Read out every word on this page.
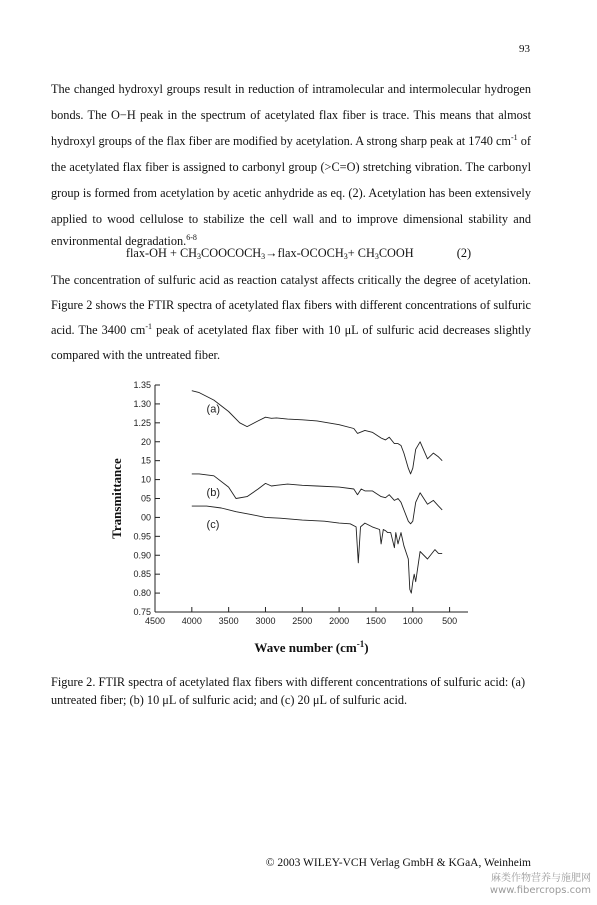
93
The changed hydroxyl groups result in reduction of intramolecular and intermolecular hydrogen
bonds. The O−H peak in the spectrum of acetylated flax fiber is trace. This means that almost
hydroxyl groups of the flax fiber are modified by acetylation. A strong sharp peak at 1740 $cm^{-1}$ of
the acetylated flax fiber is assigned to carbonyl group (>C=O) stretching vibration. The carbonyl
group is formed from acetylation by acetic anhydride as eq. (2). Acetylation has been extensively
applied to wood cellulose to stabilize the cell wall and to improve dimensional stability and
environmental degradation.$^{6-8}$
flax-OH + $CH_3COOCOCH_3\to flax-OCOCH_3+$ $CH_3COOH$	(2)
The concentration of sulfuric acid as reaction catalyst affects critically the degree of acetylation.
Figure 2 shows the FTIR spectra of acetylated flax fibers with different concentrations of sulfuric
acid. The 3400 $cm^{-1}$ peak of acetylated flax fiber with 10 μL of sulfuric acid decreases slightly
compared with the untreated fiber.
1.35
1.30
1.25
20
15
10
05
00
0.95
0.90
0.85
0.80
0.75
4500 4000 3500 3000 2500 2000 1500 1000 500
Transmittance
Wave number $(cm^{-1})$
(a)
(b)
(c)
Figure 2. FTIR spectra of acetylated flax fibers with different concentrations of sulfuric acid: (a)
untreated fiber; (b) 10 μL of sulfuric acid; and (c) 20 μL of sulfuric acid.
© 2003 WILEY-VCH Verlag GmbH & KGaA, Weinheim
麻类作物营养与施肥网
www.fibercrops.com
